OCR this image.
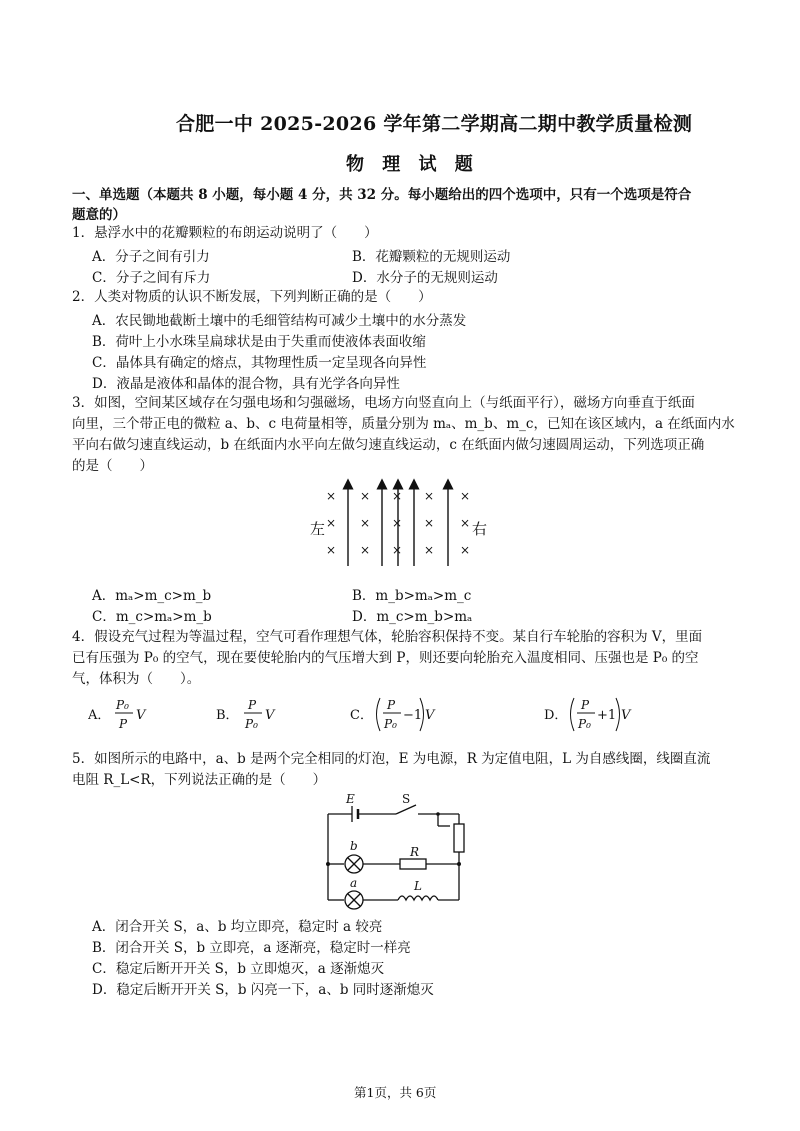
合肥一中 2025-2026 学年第二学期高二期中教学质量检测
物 理 试 题
一、单选题（本题共 8 小题，每小题 4 分，共 32 分。每小题给出的四个选项中，只有一个选项是符合
题意的）
1．悬浮水中的花瓣颗粒的布朗运动说明了（　　）
A．分子之间有引力	B．花瓣颗粒的无规则运动
C．分子之间有斥力	D．水分子的无规则运动
2．人类对物质的认识不断发展，下列判断正确的是（　　）
A．农民锄地截断土壤中的毛细管结构可减少土壤中的水分蒸发
B．荷叶上小水珠呈扁球状是由于失重而使液体表面收缩
C．晶体具有确定的熔点，其物理性质一定呈现各向异性
D．液晶是液体和晶体的混合物，具有光学各向异性
3．如图，空间某区域存在匀强电场和匀强磁场，电场方向竖直向上（与纸面平行），磁场方向垂直于纸面
向里，三个带正电的微粒 a、b、c 电荷量相等，质量分别为 mₐ、m_b、m_c，已知在该区域内，a 在纸面内水
平向右做匀速直线运动，b 在纸面内水平向左做匀速直线运动，c 在纸面内做匀速圆周运动，下列选项正确
的是（　　）
× × × × ×
× × × × ×
× × × × ×
左	右
A．mₐ>m_c>m_b	B．m_b>mₐ>m_c
C．m_c>mₐ>m_b	D．m_c>m_b>mₐ
4．假设充气过程为等温过程，空气可看作理想气体，轮胎容积保持不变。某自行车轮胎的容积为 V，里面
已有压强为 P₀ 的空气，现在要使轮胎内的气压增大到 P，则还要向轮胎充入温度相同、压强也是 P₀ 的空
气，体积为（　　）。
A．
P₀
P
V	B．
P
P₀
V	C．
P
P₀
−1 V	D．
P
P₀
+1 V
5．如图所示的电路中，a、b 是两个完全相同的灯泡，E 为电源，R 为定值电阻，L 为自感线圈，线圈直流
电阻 R_L<R，下列说法正确的是（　　）
E	S
b
a
R
L
A．闭合开关 S，a、b 均立即亮，稳定时 a 较亮
B．闭合开关 S，b 立即亮，a 逐渐亮，稳定时一样亮
C．稳定后断开开关 S，b 立即熄灭，a 逐渐熄灭
D．稳定后断开开关 S，b 闪亮一下，a、b 同时逐渐熄灭
第1页，共 6页
